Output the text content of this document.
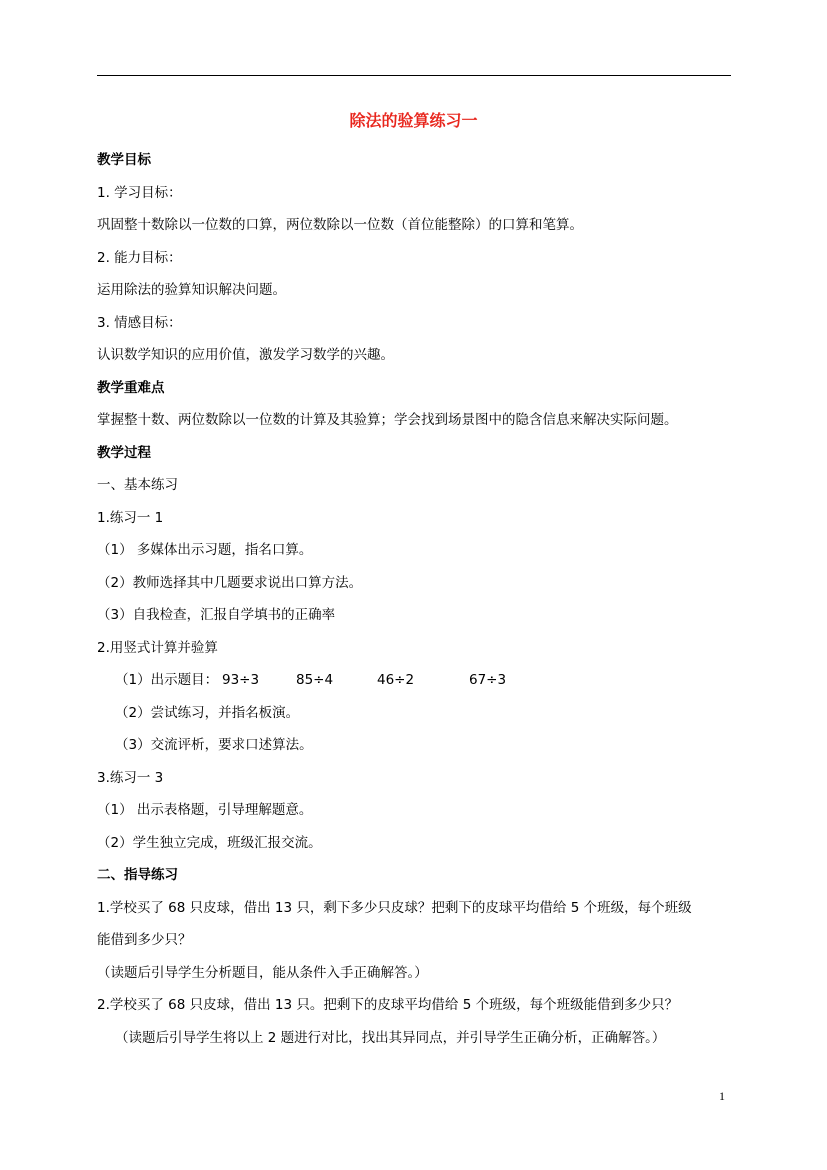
除法的验算练习一
教学目标
1. 学习目标：
巩固整十数除以一位数的口算，两位数除以一位数（首位能整除）的口算和笔算。
2. 能力目标：
运用除法的验算知识解决问题。
3. 情感目标：
认识数学知识的应用价值，激发学习数学的兴趣。
教学重难点
掌握整十数、两位数除以一位数的计算及其验算；学会找到场景图中的隐含信息来解决实际问题。
教学过程
一、基本练习
1.练习一 1
（1） 多媒体出示习题，指名口算。
（2）教师选择其中几题要求说出口算方法。
（3）自我检查，汇报自学填书的正确率
2.用竖式计算并验算
（1）出示题目： 93÷3	85÷4	46÷2	67÷3
（2）尝试练习，并指名板演。
（3）交流评析，要求口述算法。
3.练习一 3
（1） 出示表格题，引导理解题意。
（2）学生独立完成，班级汇报交流。
二、指导练习
1.学校买了 68 只皮球，借出 13 只，剩下多少只皮球？把剩下的皮球平均借给 5 个班级，每个班级
能借到多少只？
（读题后引导学生分析题目，能从条件入手正确解答。）
2.学校买了 68 只皮球，借出 13 只。把剩下的皮球平均借给 5 个班级，每个班级能借到多少只？
（读题后引导学生将以上 2 题进行对比，找出其异同点，并引导学生正确分析，正确解答。）
1
